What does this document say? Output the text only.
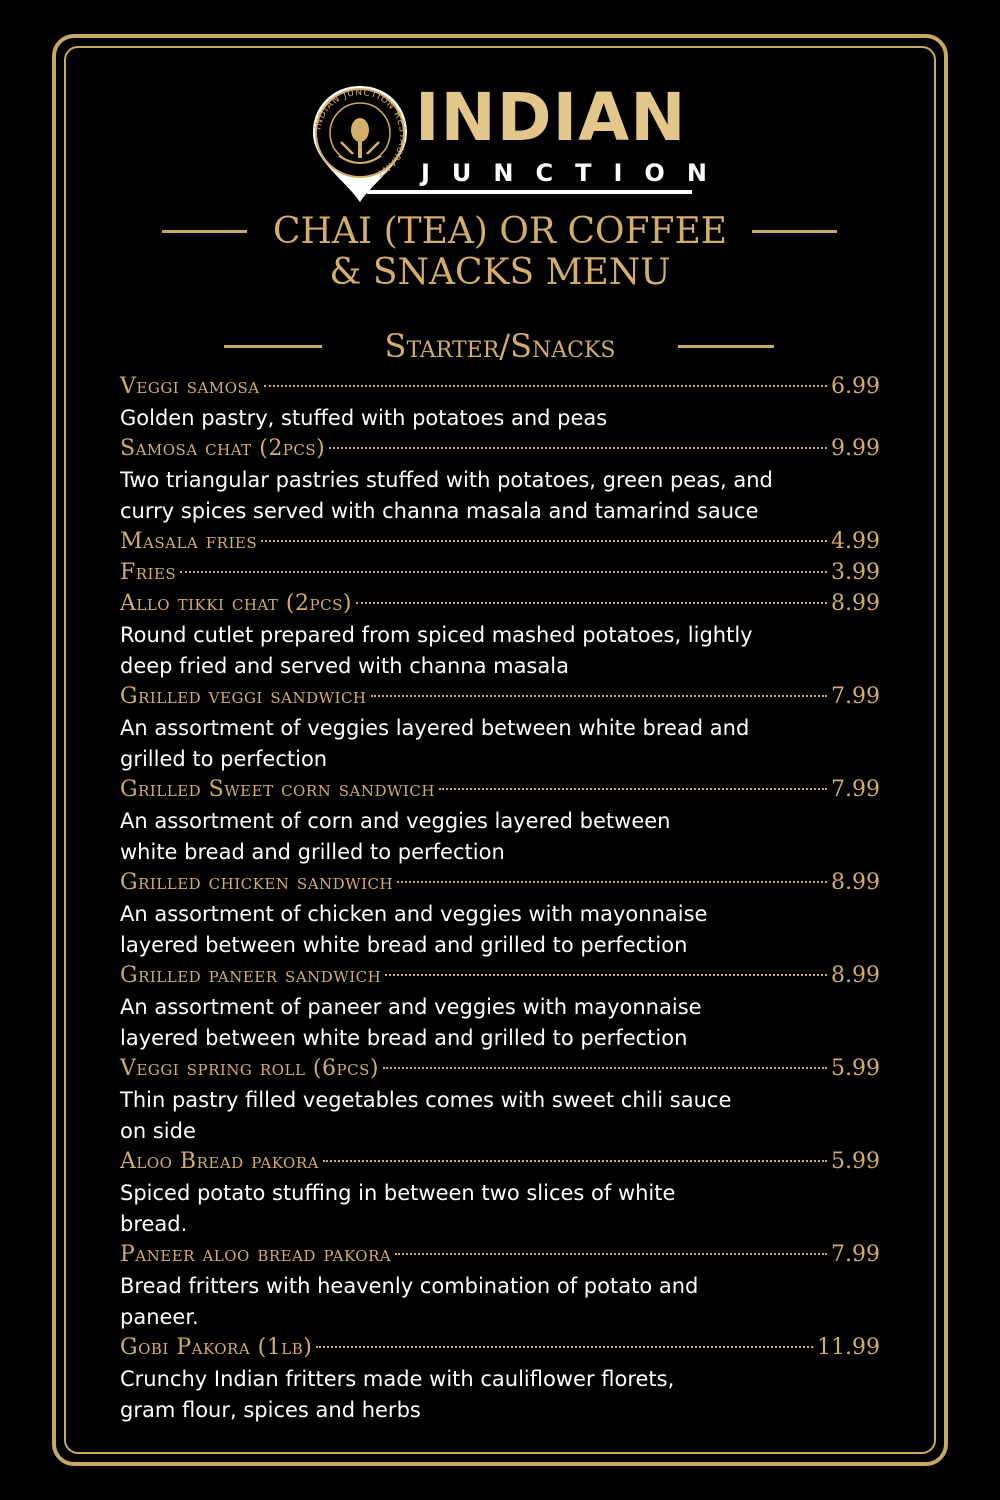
INDIAN JUNCTION RESTAURANT
INDIAN
JUNCTION
CHAI (TEA) OR COFFEE
& SNACKS MENU
Starter/Snacks
Veggi samosa	6.99
Golden pastry, stuffed with potatoes and peas
Samosa chat (2pcs)	9.99
Two triangular pastries stuffed with potatoes, green peas, and
curry spices served with channa masala and tamarind sauce
Masala fries	4.99
Fries	3.99
Allo tikki chat (2pcs)	8.99
Round cutlet prepared from spiced mashed potatoes, lightly
deep fried and served with channa masala
Grilled veggi sandwich	7.99
An assortment of veggies layered between white bread and
grilled to perfection
Grilled Sweet corn sandwich	7.99
An assortment of corn and veggies layered between
white bread and grilled to perfection
Grilled chicken sandwich	8.99
An assortment of chicken and veggies with mayonnaise
layered between white bread and grilled to perfection
Grilled paneer sandwich	8.99
An assortment of paneer and veggies with mayonnaise
layered between white bread and grilled to perfection
Veggi spring roll (6pcs)	5.99
Thin pastry filled vegetables comes with sweet chili sauce
on side
Aloo Bread pakora	5.99
Spiced potato stuffing in between two slices of white
bread.
Paneer aloo bread pakora	7.99
Bread fritters with heavenly combination of potato and
paneer.
Gobi Pakora (1lb)	11.99
Crunchy Indian fritters made with cauliflower florets,
gram flour, spices and herbs
